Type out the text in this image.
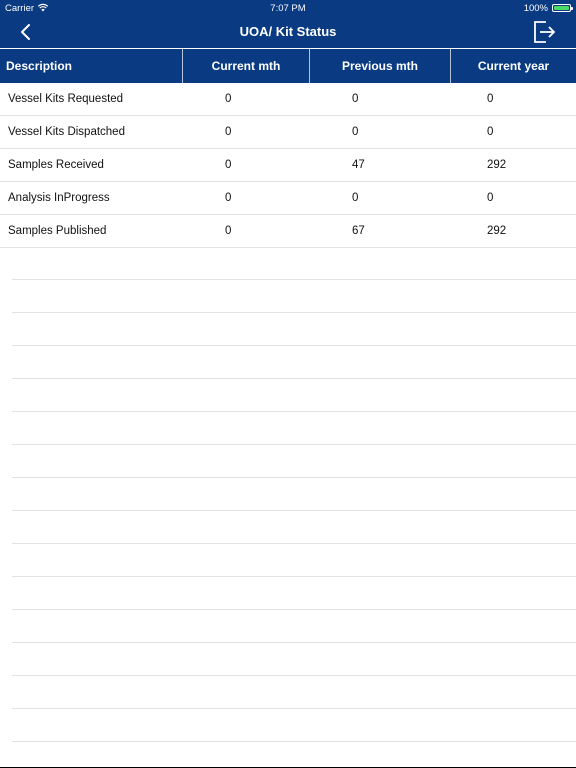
Carrier	7:07 PM	100%
UOA/ Kit Status
Description	Current mth	Previous mth	Current year
Vessel Kits Requested	0	0	0
Vessel Kits Dispatched	0	0	0
Samples Received	0	47	292
Analysis InProgress	0	0	0
Samples Published	0	67	292
